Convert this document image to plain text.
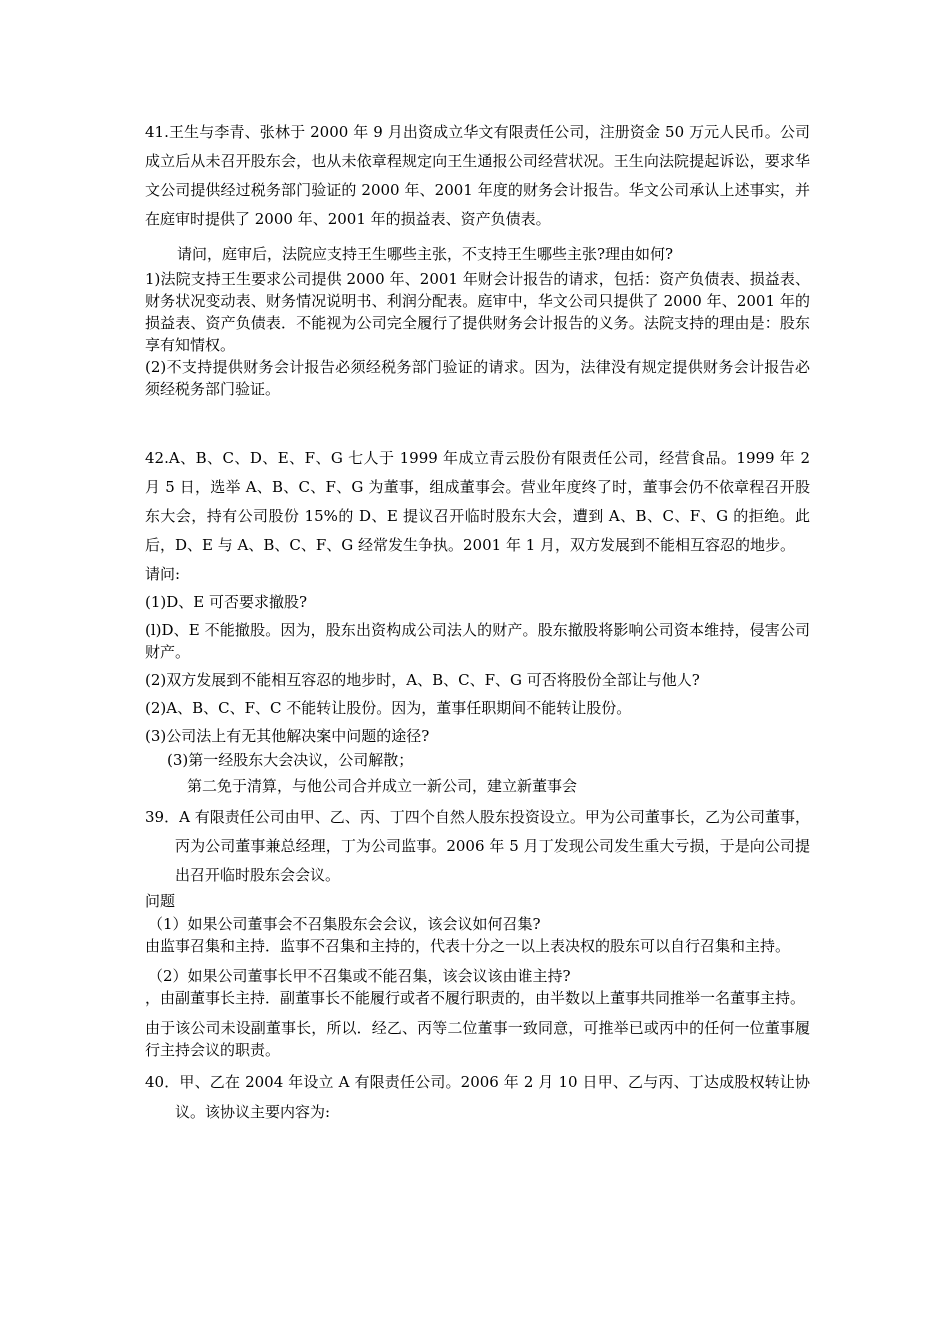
41.王生与李青、张林于 2000 年 9 月出资成立华文有限责任公司，注册资金 50 万元人民币。公司成立后从未召开股东会，也从未依章程规定向王生通报公司经营状况。王生向法院提起诉讼，要求华文公司提供经过税务部门验证的 2000 年、2001 年度的财务会计报告。华文公司承认上述事实，并在庭审时提供了 2000 年、2001 年的损益表、资产负债表。

请问，庭审后，法院应支持王生哪些主张，不支持王生哪些主张?理由如何?

1)法院支持王生要求公司提供 2000 年、2001 年财会计报告的请求，包括：资产负债表、损益表、财务状况变动表、财务情况说明书、利润分配表。庭审中，华文公司只提供了 2000 年、2001 年的损益表、资产负债表．不能视为公司完全履行了提供财务会计报告的义务。法院支持的理由是：股东享有知情权。

(2)不支持提供财务会计报告必须经税务部门验证的请求。因为，法律没有规定提供财务会计报告必须经税务部门验证。

42.A、B、C、D、E、F、G 七人于 1999 年成立青云股份有限责任公司，经营食品。1999 年 2 月 5 日，选举 A、B、C、F、G 为董事，组成董事会。营业年度终了时，董事会仍不依章程召开股东大会，持有公司股份 15%的 D、E 提议召开临时股东大会，遭到 A、B、C、F、G 的拒绝。此后，D、E 与 A、B、C、F、G 经常发生争执。2001 年 1 月，双方发展到不能相互容忍的地步。

请问:

(1)D、E 可否要求撤股?

(l)D、E 不能撤股。因为，股东出资构成公司法人的财产。股东撤股将影响公司资本维持，侵害公司财产。

(2)双方发展到不能相互容忍的地步时，A、B、C、F、G 可否将股份全部让与他人?

(2)A、B、C、F、C 不能转让股份。因为，董事任职期间不能转让股份。

(3)公司法上有无其他解决案中问题的途径?

(3)第一经股东大会决议，公司解散；

第二免于清算，与他公司合并成立一新公司，建立新董事会

39．A 有限责任公司由甲、乙、丙、丁四个自然人股东投资设立。甲为公司董事长，乙为公司董事，丙为公司董事兼总经理，丁为公司监事。2006 年 5 月丁发现公司发生重大亏损，于是向公司提出召开临时股东会会议。

问题

（1）如果公司董事会不召集股东会会议，该会议如何召集?

由监事召集和主持．监事不召集和主持的，代表十分之一以上表决权的股东可以自行召集和主持。

（2）如果公司董事长甲不召集或不能召集，该会议该由谁主持?

，由副董事长主持．副董事长不能履行或者不履行职责的，由半数以上董事共同推举一名董事主持。

由于该公司未设副董事长，所以．经乙、丙等二位董事一致同意，可推举已或丙中的任何一位董事履行主持会议的职责。

40．甲、乙在 2004 年设立 A 有限责任公司。2006 年 2 月 10 日甲、乙与丙、丁达成股权转让协议。该协议主要内容为:
